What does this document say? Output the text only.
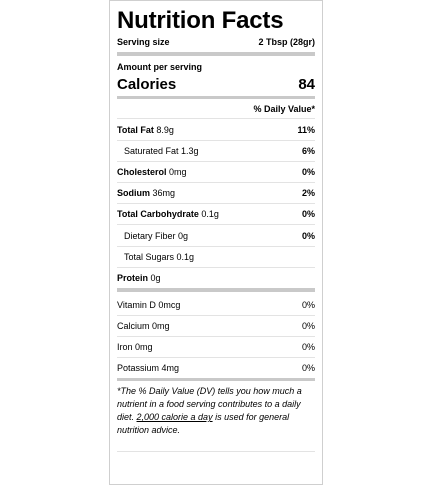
Nutrition Facts
Serving size	2 Tbsp (28gr)
Amount per serving
Calories	84
% Daily Value*
Total Fat 8.9g	11%
Saturated Fat 1.3g	6%
Cholesterol 0mg	0%
Sodium 36mg	2%
Total Carbohydrate 0.1g	0%
Dietary Fiber 0g	0%
Total Sugars 0.1g
Protein 0g
Vitamin D 0mcg	0%
Calcium 0mg	0%
Iron 0mg	0%
Potassium 4mg	0%
*The % Daily Value (DV) tells you how much a nutrient in a food serving contributes to a daily diet. 2,000 calorie a day is used for general nutrition advice.
